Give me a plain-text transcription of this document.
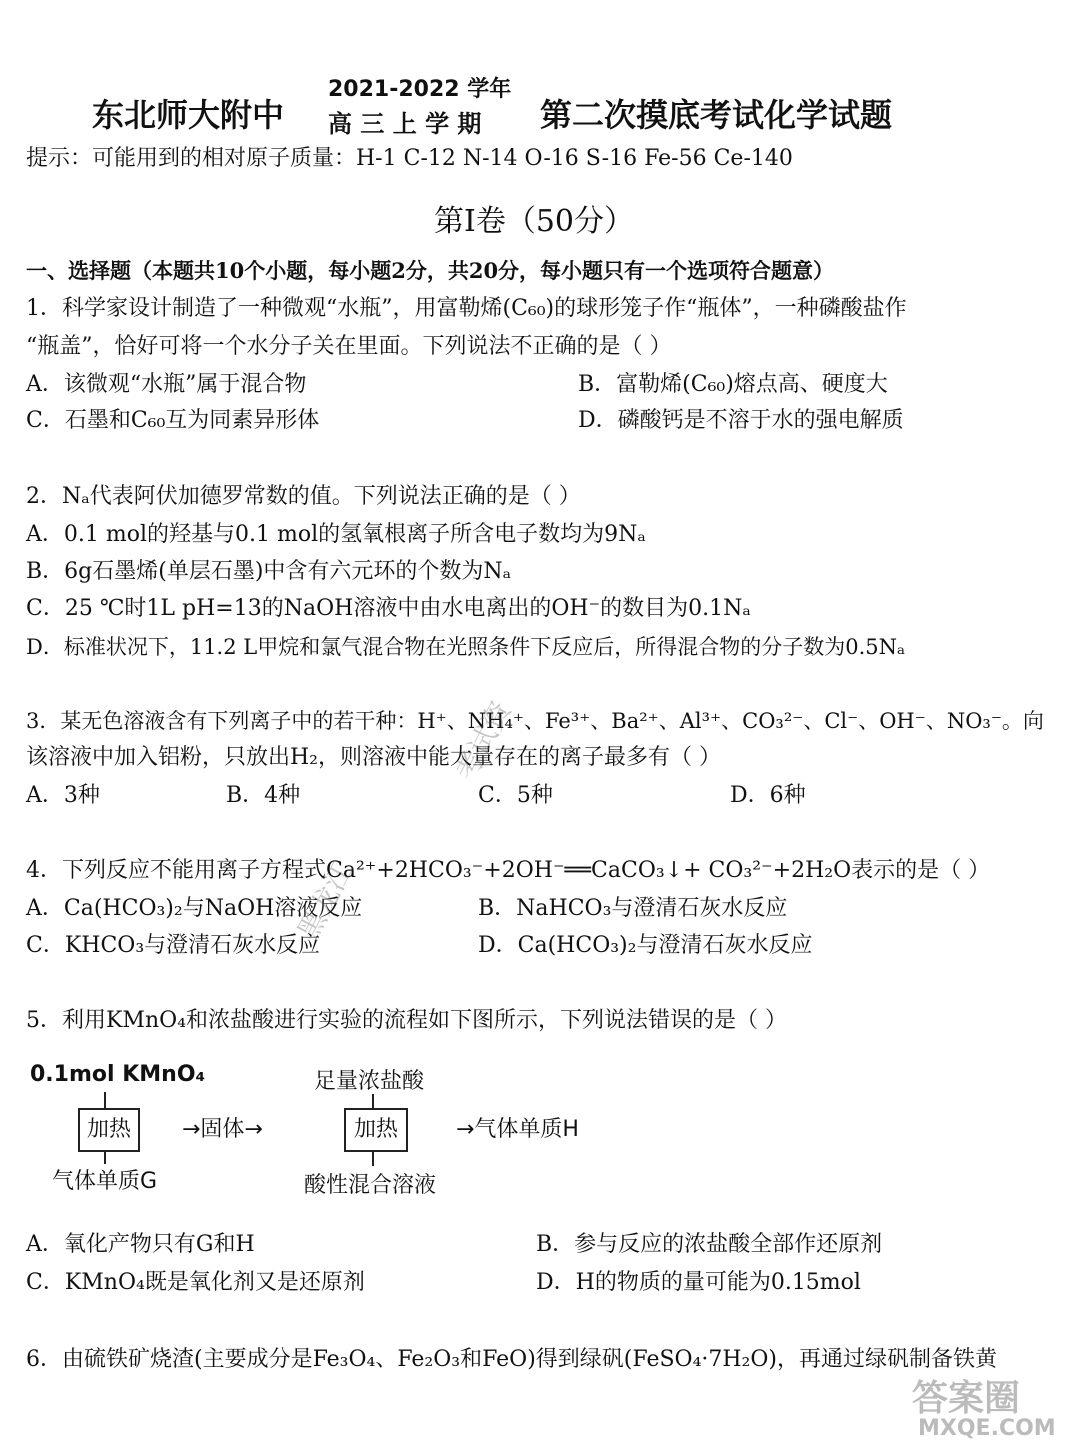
东北师大附中
2021-2022 学年
高 三 上 学 期 第二次摸底考试化学试题
提示：可能用到的相对原子质量：H-1 C-12 N-14 O-16 S-16 Fe-56 Ce-140
第Ⅰ卷（50分）
一、选择题（本题共10个小题，每小题2分，共20分，每小题只有一个选项符合题意）
1．科学家设计制造了一种微观“水瓶”，用富勒烯(C₆₀)的球形笼子作“瓶体”，一种磷酸盐作
“瓶盖”，恰好可将一个水分子关在里面。下列说法不正确的是（ ）
A．该微观“水瓶”属于混合物	B．富勒烯(C₆₀)熔点高、硬度大
C．石墨和C₆₀互为同素异形体	D．磷酸钙是不溶于水的强电解质
2．Nₐ代表阿伏加德罗常数的值。下列说法正确的是（ ）
A．0.1 mol的羟基与0.1 mol的氢氧根离子所含电子数均为9Nₐ
B．6g石墨烯(单层石墨)中含有六元环的个数为Nₐ
C．25 ℃时1L pH=13的NaOH溶液中由水电离出的OH⁻的数目为0.1Nₐ
D．标准状况下，11.2 L甲烷和氯气混合物在光照条件下反应后，所得混合物的分子数为0.5Nₐ
3．某无色溶液含有下列离子中的若干种：H⁺、NH₄⁺、Fe³⁺、Ba²⁺、Al³⁺、CO₃²⁻、Cl⁻、OH⁻、NO₃⁻。向
该溶液中加入铝粉，只放出H₂，则溶液中能大量存在的离子最多有（ ）
A．3种	B．4种	C．5种	D．6种
4．下列反应不能用离子方程式Ca²⁺+2HCO₃⁻+2OH⁻══CaCO₃↓+ CO₃²⁻+2H₂O表示的是（ ）
A．Ca(HCO₃)₂与NaOH溶液反应	B．NaHCO₃与澄清石灰水反应
C．KHCO₃与澄清石灰水反应	D．Ca(HCO₃)₂与澄清石灰水反应
5．利用KMnO₄和浓盐酸进行实验的流程如下图所示，下列说法错误的是（ ）
0.1mol KMnO₄
加热
气体单质G
→固体→
足量浓盐酸
加热
酸性混合溶液
→气体单质H
A．氧化产物只有G和H	B．参与反应的浓盐酸全部作还原剂
C．KMnO₄既是氧化剂又是还原剂	D．H的物质的量可能为0.15mol
6．由硫铁矿烧渣(主要成分是Fe₃O₄、Fe₂O₃和FeO)得到绿矾(FeSO₄·7H₂O)，再通过绿矾制备铁黄
黑龙江
考试资
答案圈
MXQE.COM
